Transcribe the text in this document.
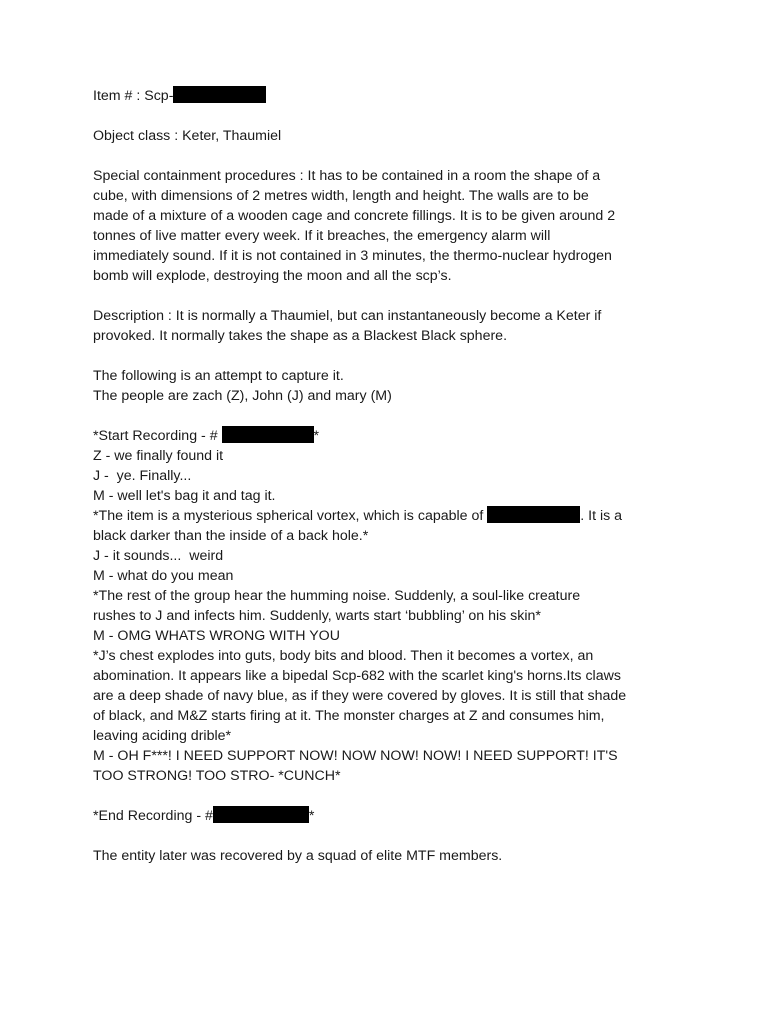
Item # : Scp-
Object class : Keter, Thaumiel
Special containment procedures : It has to be contained in a room the shape of a
cube, with dimensions of 2 metres width, length and height. The walls are to be
made of a mixture of a wooden cage and concrete fillings. It is to be given around 2
tonnes of live matter every week. If it breaches, the emergency alarm will
immediately sound. If it is not contained in 3 minutes, the thermo-nuclear hydrogen
bomb will explode, destroying the moon and all the scp’s.
Description : It is normally a Thaumiel, but can instantaneously become a Keter if
provoked. It normally takes the shape as a Blackest Black sphere.
The following is an attempt to capture it.
The people are zach (Z), John (J) and mary (M)
*Start Recording - #	*
Z - we finally found it
J -  ye. Finally...
M - well let's bag it and tag it.
*The item is a mysterious spherical vortex, which is capable of	. It is a
black darker than the inside of a back hole.*
J - it sounds...  weird
M - what do you mean
*The rest of the group hear the humming noise. Suddenly, a soul-like creature
rushes to J and infects him. Suddenly, warts start ‘bubbling’ on his skin*
M - OMG WHATS WRONG WITH YOU
*J’s chest explodes into guts, body bits and blood. Then it becomes a vortex, an
abomination. It appears like a bipedal Scp-682 with the scarlet king's horns.Its claws
are a deep shade of navy blue, as if they were covered by gloves. It is still that shade
of black, and M&Z starts firing at it. The monster charges at Z and consumes him,
leaving aciding drible*
M - OH F***! I NEED SUPPORT NOW! NOW NOW! NOW! I NEED SUPPORT! IT'S
TOO STRONG! TOO STRO- *CUNCH*
*End Recording - #	*
The entity later was recovered by a squad of elite MTF members.
